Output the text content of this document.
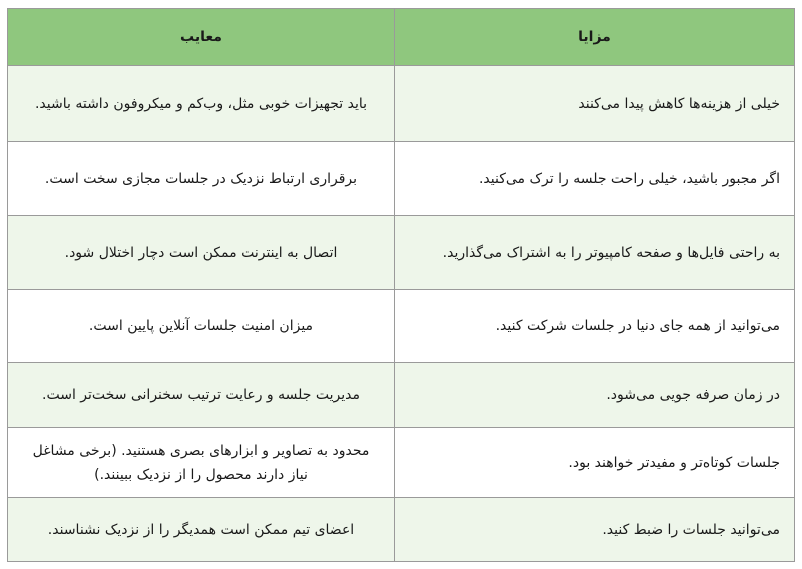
مزایا	معایب
خیلی از هزینه‌ها کاهش پیدا می‌کنند	باید تجهیزات خوبی مثل، وب‌کم و میکروفون داشته باشید.
اگر مجبور باشید، خیلی راحت جلسه را ترک می‌کنید.	برقراری ارتباط نزدیک در جلسات مجازی سخت است.
به راحتی فایل‌ها و صفحه کامپیوتر را به اشتراک می‌گذارید.	اتصال به اینترنت ممکن است دچار اختلال شود.
می‌توانید از همه جای دنیا در جلسات شرکت کنید.	میزان امنیت جلسات آنلاین پایین است.
در زمان صرفه جویی می‌شود.	مدیریت جلسه و رعایت ترتیب سخنرانی سخت‌تر است.
جلسات کوتاه‌تر و مفیدتر خواهند بود.	محدود به تصاویر و ابزارهای بصری هستنید. (برخی مشاغل نیاز دارند محصول را از نزدیک ببینند.)
می‌توانید جلسات را ضبط کنید.	اعضای تیم ممکن است همدیگر را از نزدیک نشناسند.
